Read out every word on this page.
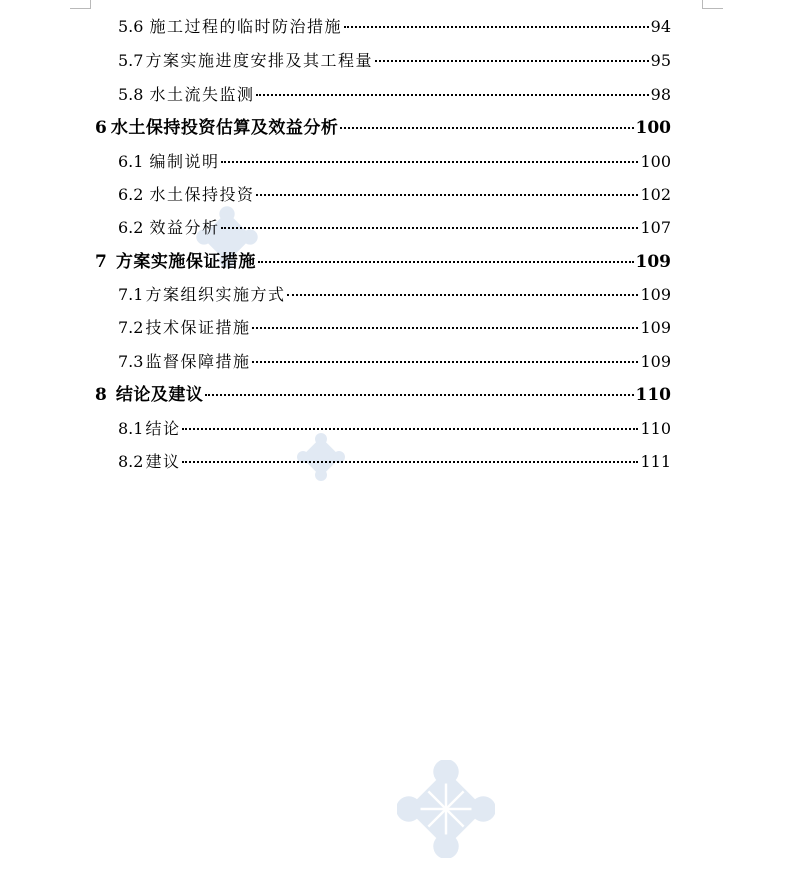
5.6 施工过程的临时防治措施	94
5.7 方案实施进度安排及其工程量	95
5.8 水土流失监测	98
6 水土保持投资估算及效益分析	100
6.1 编制说明	100
6.2 水土保持投资	102
6.2 效益分析	107
7 方案实施保证措施	109
7.1 方案组织实施方式	109
7.2 技术保证措施	109
7.3 监督保障措施	109
8 结论及建议	110
8.1 结论	110
8.2 建议	111
